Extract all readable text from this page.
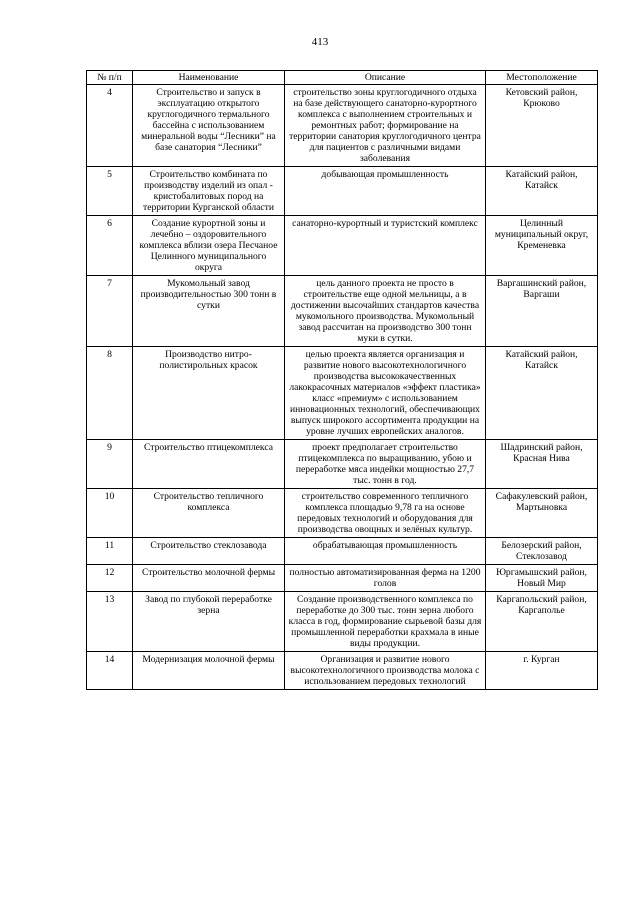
413
№ п/п	Наименование	Описание	Местоположение
4	Строительство и запуск в эксплуатацию открытого круглогодичного термального бассейна с использованием минеральной воды “Лесники” на базе санатория “Лесники”	строительство зоны круглогодичного отдыха на базе действующего санаторно-курортного комплекса с выполнением строительных и ремонтных работ; формирование на территории санатория круглогодичного центра для пациентов с различными видами заболевания	Кетовский район, Крюково
5	Строительство комбината по производству изделий из опал - кристобалитовых пород на территории Курганской области	добывающая промышленность	Катайский район, Катайск
6	Создание курортной зоны и лечебно – оздоровительного комплекса вблизи озера Песчаное Целинного муниципального округа	санаторно-курортный и туристский комплекс	Целинный муниципальный округ, Кременевка
7	Мукомольный завод производительностью 300 тонн в сутки	цель данного проекта не просто в строительстве еще одной мельницы, а в достижении высочайших стандартов качества мукомольного производства. Мукомольный завод рассчитан на производство 300 тонн муки в сутки.	Варгашинский район, Варгаши
8	Производство нитро-полистирольных красок	целью проекта является организация и развитие нового высокотехнологичного производства высококачественных лакокрасочных материалов «эффект пластика» класс «премиум» с использованием инновационных технологий, обеспечивающих выпуск широкого ассортимента продукции на уровне лучших европейских аналогов.	Катайский район, Катайск
9	Строительство птицекомплекса	проект предполагает строительство птицекомплекса по выращиванию, убою и переработке мяса индейки мощностью 27,7 тыс. тонн в год.	Шадринский район, Красная Нива
10	Строительство тепличного комплекса	строительство современного тепличного комплекса площадью 9,78 га на основе передовых технологий и оборудования для производства овощных и зелёных культур.	Сафакулевский район, Мартыновка
11	Строительство стеклозавода	обрабатывающая промышленность	Белозерский район, Стеклозавод
12	Строительство молочной фермы	полностью автоматизированная ферма на 1200 голов	Юргамышский район, Новый Мир
13	Завод по глубокой переработке зерна	Создание производственного комплекса по переработке до 300 тыс. тонн зерна любого класса в год, формирование сырьевой базы для промышленной переработки крахмала в иные виды продукции.	Каргапольский район, Каргаполье
14	Модернизация молочной фермы	Организация и развитие нового высокотехнологичного производства молока с использованием передовых технологий	г. Курган
